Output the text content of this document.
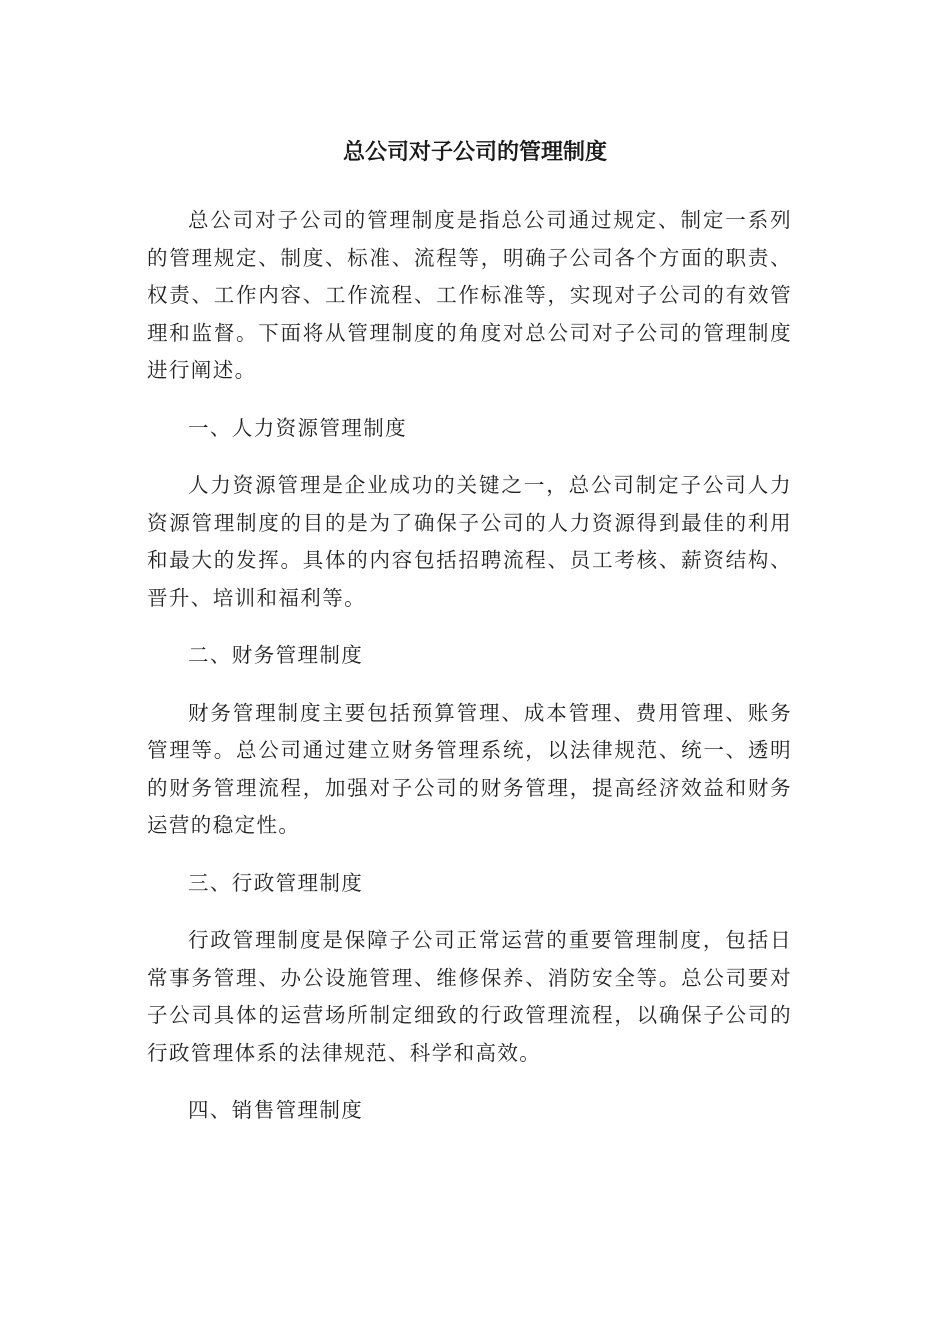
总公司对子公司的管理制度

总公司对子公司的管理制度是指总公司通过规定、制定一系列的管理规定、制度、标准、流程等，明确子公司各个方面的职责、权责、工作内容、工作流程、工作标准等，实现对子公司的有效管理和监督。下面将从管理制度的角度对总公司对子公司的管理制度进行阐述。

一、人力资源管理制度

人力资源管理是企业成功的关键之一，总公司制定子公司人力资源管理制度的目的是为了确保子公司的人力资源得到最佳的利用和最大的发挥。具体的内容包括招聘流程、员工考核、薪资结构、晋升、培训和福利等。

二、财务管理制度

财务管理制度主要包括预算管理、成本管理、费用管理、账务管理等。总公司通过建立财务管理系统，以法律规范、统一、透明的财务管理流程，加强对子公司的财务管理，提高经济效益和财务运营的稳定性。

三、行政管理制度

行政管理制度是保障子公司正常运营的重要管理制度，包括日常事务管理、办公设施管理、维修保养、消防安全等。总公司要对子公司具体的运营场所制定细致的行政管理流程，以确保子公司的行政管理体系的法律规范、科学和高效。

四、销售管理制度
